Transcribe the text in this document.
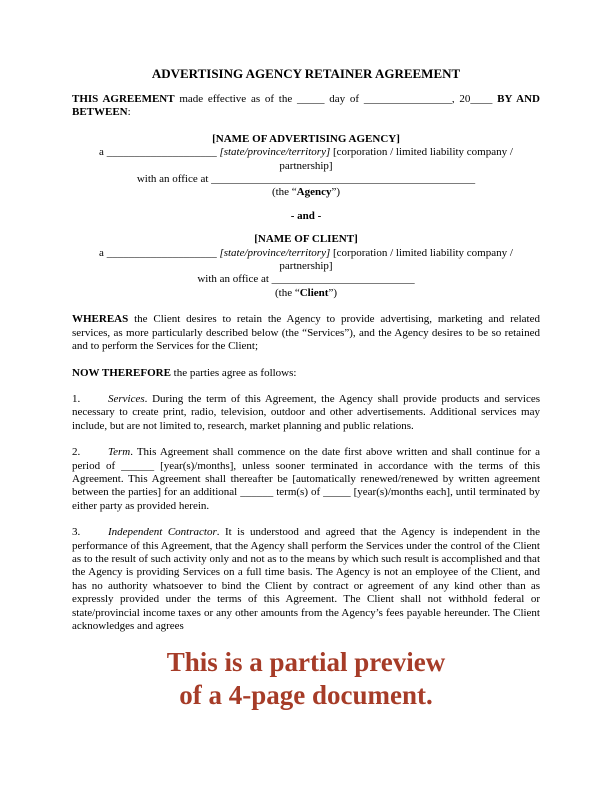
ADVERTISING AGENCY RETAINER AGREEMENT

THIS AGREEMENT made effective as of the _____ day of ________________, 20____ BY AND BETWEEN:

[NAME OF ADVERTISING AGENCY]

a ____________________ [state/province/territory] [corporation / limited liability company / partnership]

with an office at ________________________________________________

(the “Agency”)

- and -

[NAME OF CLIENT]

a ____________________ [state/province/territory] [corporation / limited liability company / partnership]

with an office at __________________________

(the “Client”)

WHEREAS the Client desires to retain the Agency to provide advertising, marketing and related services, as more particularly described below (the “Services”), and the Agency desires to be so retained and to perform the Services for the Client;

NOW THEREFORE the parties agree as follows:

1.	Services. During the term of this Agreement, the Agency shall provide products and services necessary to create print, radio, television, outdoor and other advertisements. Additional services may include, but are not limited to, research, market planning and public relations.

2.	Term. This Agreement shall commence on the date first above written and shall continue for a period of ______ [year(s)/months], unless sooner terminated in accordance with the terms of this Agreement. This Agreement shall thereafter be [automatically renewed/renewed by written agreement between the parties] for an additional ______ term(s) of _____ [year(s)/months each], until terminated by either party as provided herein.

3.	Independent Contractor. It is understood and agreed that the Agency is independent in the performance of this Agreement, that the Agency shall perform the Services under the control of the Client as to the result of such activity only and not as to the means by which such result is accomplished and that the Agency is providing Services on a full time basis. The Agency is not an employee of the Client, and has no authority whatsoever to bind the Client by contract or agreement of any kind other than as expressly provided under the terms of this Agreement. The Client shall not withhold federal or state/provincial income taxes or any other amounts from the Agency’s fees payable hereunder. The Client acknowledges and agrees

This is a partial preview
of a 4-page document.
